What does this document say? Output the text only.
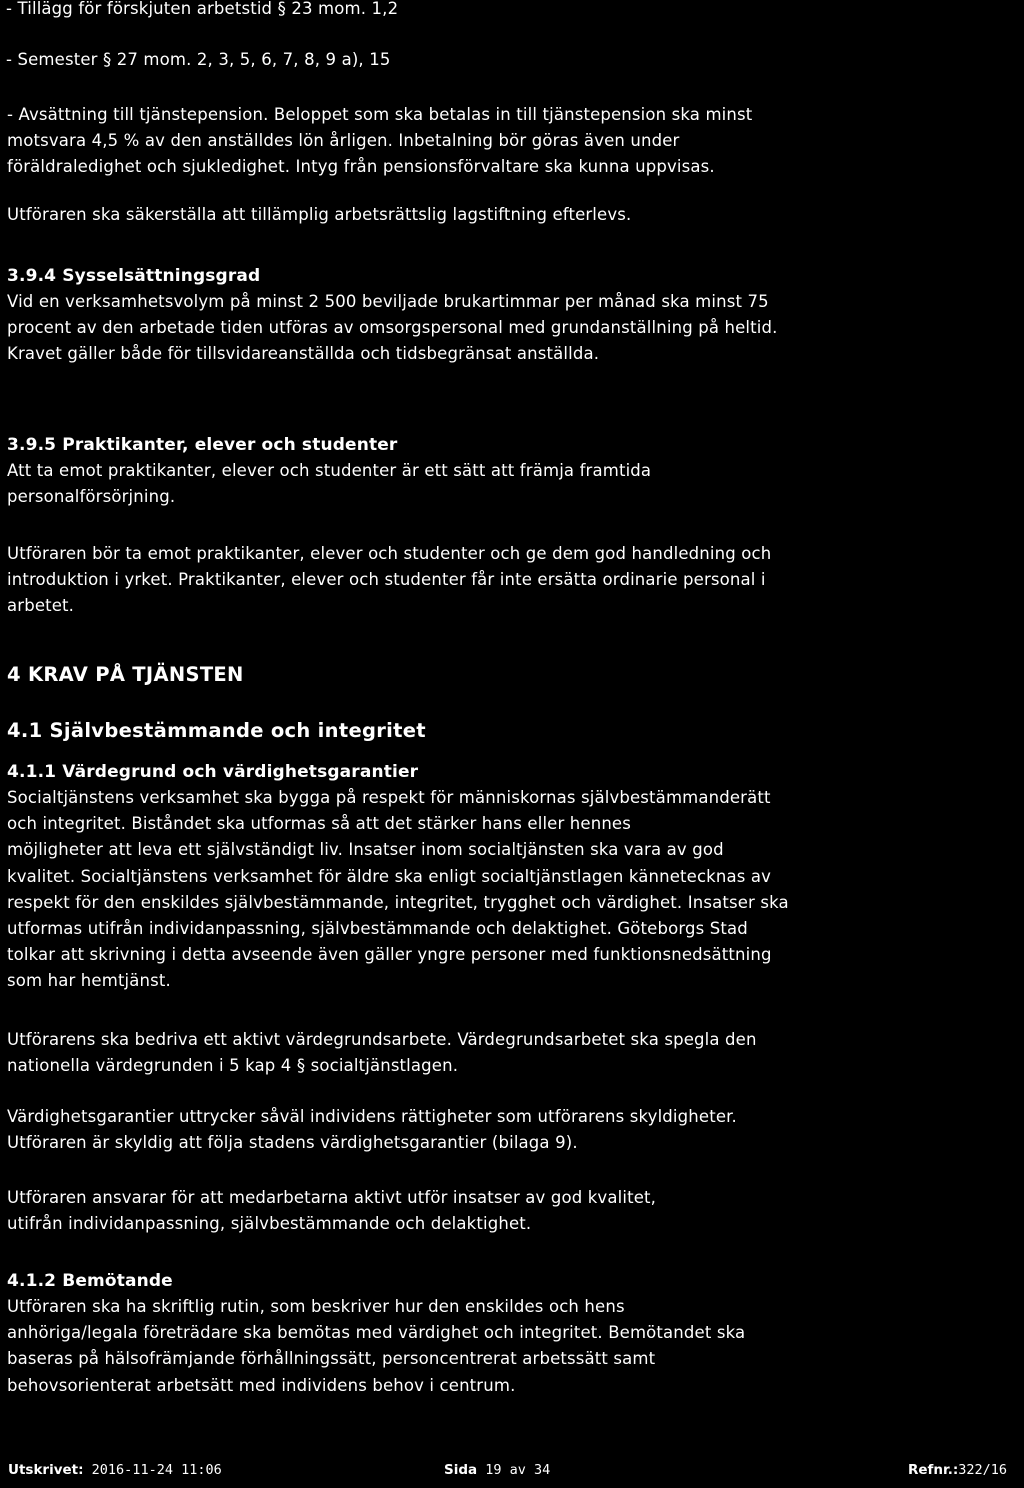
- Tillägg för förskjuten arbetstid § 23 mom. 1,2

- Semester § 27 mom. 2, 3, 5, 6, 7, 8, 9 a), 15

- Avsättning till tjänstepension. Beloppet som ska betalas in till tjänstepension ska minst
motsvara 4,5 % av den anställdes lön årligen. Inbetalning bör göras även under
föräldraledighet och sjukledighet. Intyg från pensionsförvaltare ska kunna uppvisas.

Utföraren ska säkerställa att tillämplig arbetsrättslig lagstiftning efterlevs.

3.9.4 Sysselsättningsgrad

Vid en verksamhetsvolym på minst 2 500 beviljade brukartimmar per månad ska minst 75
procent av den arbetade tiden utföras av omsorgspersonal med grundanställning på heltid.
Kravet gäller både för tillsvidareanställda och tidsbegränsat anställda.

3.9.5 Praktikanter, elever och studenter

Att ta emot praktikanter, elever och studenter är ett sätt att främja framtida
personalförsörjning.
Utföraren bör ta emot praktikanter, elever och studenter och ge dem god handledning och
introduktion i yrket. Praktikanter, elever och studenter får inte ersätta ordinarie personal i
arbetet.

4 KRAV PÅ TJÄNSTEN

4.1 Självbestämmande och integritet

4.1.1 Värdegrund och värdighetsgarantier

Socialtjänstens verksamhet ska bygga på respekt för människornas självbestämmanderätt
och integritet. Biståndet ska utformas så att det stärker hans eller hennes
möjligheter att leva ett självständigt liv. Insatser inom socialtjänsten ska vara av god
kvalitet. Socialtjänstens verksamhet för äldre ska enligt socialtjänstlagen kännetecknas av
respekt för den enskildes självbestämmande, integritet, trygghet och värdighet. Insatser ska
utformas utifrån individanpassning, självbestämmande och delaktighet. Göteborgs Stad
tolkar att skrivning i detta avseende även gäller yngre personer med funktionsnedsättning
som har hemtjänst.
Utförarens ska bedriva ett aktivt värdegrundsarbete. Värdegrundsarbetet ska spegla den
nationella värdegrunden i 5 kap 4 § socialtjänstlagen.
Värdighetsgarantier uttrycker såväl individens rättigheter som utförarens skyldigheter.
Utföraren är skyldig att följa stadens värdighetsgarantier (bilaga 9).
Utföraren ansvarar för att medarbetarna aktivt utför insatser av god kvalitet,
utifrån individanpassning, självbestämmande och delaktighet.

4.1.2 Bemötande

Utföraren ska ha skriftlig rutin, som beskriver hur den enskildes och hens
anhöriga/legala företrädare ska bemötas med värdighet och integritet. Bemötandet ska
baseras på hälsofrämjande förhållningssätt, personcentrerat arbetssätt samt
behovsorienterat arbetsätt med individens behov i centrum.
Utskrivet: 2016-11-24 11:06	Sida 19 av 34	Refnr.:322/16
